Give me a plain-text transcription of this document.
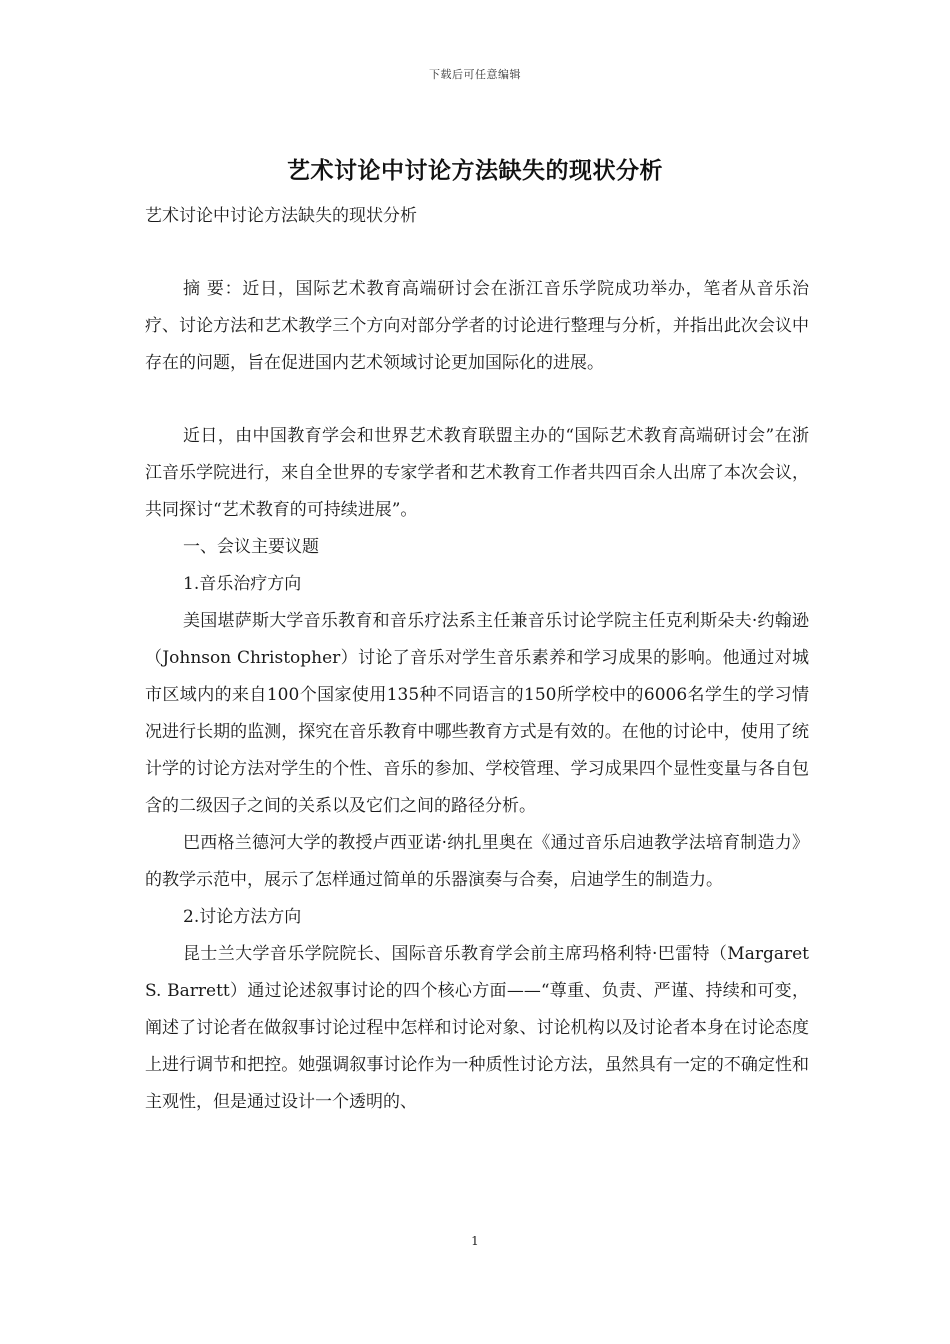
下载后可任意编辑
艺术讨论中讨论方法缺失的现状分析

艺术讨论中讨论方法缺失的现状分析

摘 要：近日，国际艺术教育高端研讨会在浙江音乐学院成功举办，笔者从音乐治疗、讨论方法和艺术教学三个方向对部分学者的讨论进行整理与分析，并指出此次会议中存在的问题，旨在促进国内艺术领域讨论更加国际化的进展。

近日，由中国教育学会和世界艺术教育联盟主办的“国际艺术教育高端研讨会”在浙江音乐学院进行，来自全世界的专家学者和艺术教育工作者共四百余人出席了本次会议，共同探讨“艺术教育的可持续进展”。

一、会议主要议题

1.音乐治疗方向

美国堪萨斯大学音乐教育和音乐疗法系主任兼音乐讨论学院主任克利斯朵夫·约翰逊（Johnson Christopher）讨论了音乐对学生音乐素养和学习成果的影响。他通过对城市区域内的来自100个国家使用135种不同语言的150所学校中的6006名学生的学习情况进行长期的监测，探究在音乐教育中哪些教育方式是有效的。在他的讨论中，使用了统计学的讨论方法对学生的个性、音乐的参加、学校管理、学习成果四个显性变量与各自包含的二级因子之间的关系以及它们之间的路径分析。

巴西格兰德河大学的教授卢西亚诺·纳扎里奥在《通过音乐启迪教学法培育制造力》的教学示范中，展示了怎样通过简单的乐器演奏与合奏，启迪学生的制造力。

2.讨论方法方向

昆士兰大学音乐学院院长、国际音乐教育学会前主席玛格利特·巴雷特（Margaret S. Barrett）通过论述叙事讨论的四个核心方面——“尊重、负责、严谨、持续和可变，阐述了讨论者在做叙事讨论过程中怎样和讨论对象、讨论机构以及讨论者本身在讨论态度上进行调节和把控。她强调叙事讨论作为一种质性讨论方法，虽然具有一定的不确定性和主观性，但是通过设计一个透明的、

1
